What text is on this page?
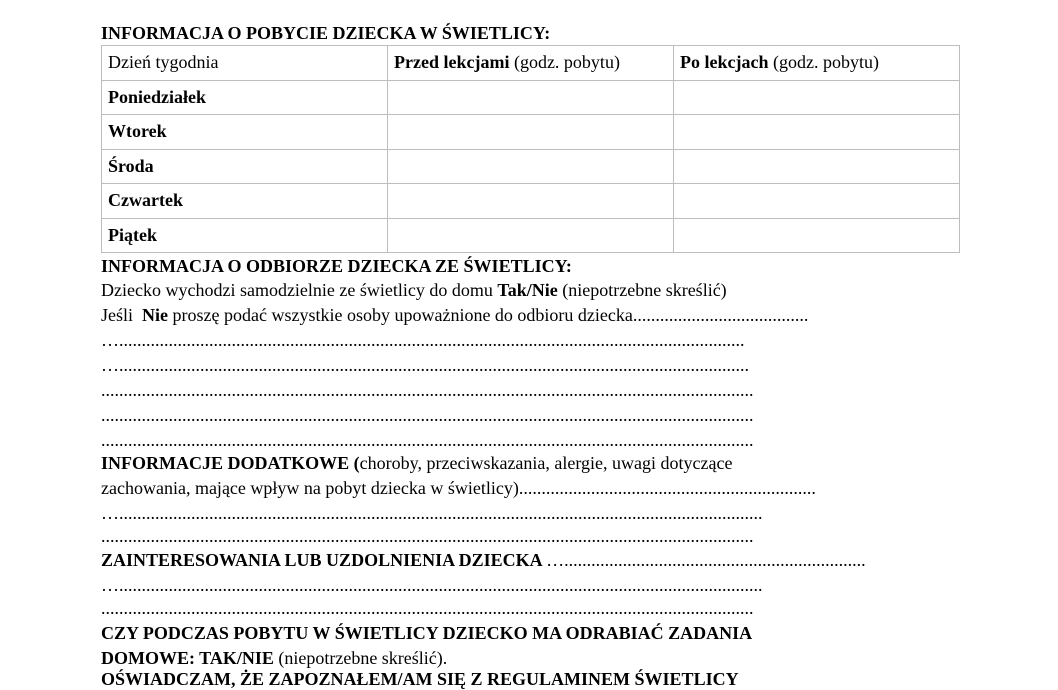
INFORMACJA O POBYCIE DZIECKA W ŚWIETLICY:
Dzień tygodnia	Przed lekcjami (godz. pobytu)	Po lekcjach (godz. pobytu)
Poniedziałek		
Wtorek		
Środa		
Czwartek		
Piątek		
INFORMACJA O ODBIORZE DZIECKA ZE ŚWIETLICY:
Dziecko wychodzi samodzielnie ze świetlicy do domu Tak/Nie (niepotrzebne skreślić)
Jeśli  Nie proszę podać wszystkie osoby upoważnione do odbioru dziecka.......................................
…...........................................................................................................................................
…............................................................................................................................................
.................................................................................................................................................
.................................................................................................................................................
.................................................................................................................................................
INFORMACJE DODATKOWE (choroby, przeciwskazania, alergie, uwagi dotyczące
zachowania, mające wpływ na pobyt dziecka w świetlicy)..................................................................
…...............................................................................................................................................
.................................................................................................................................................
ZAINTERESOWANIA LUB UZDOLNIENIA DZIECKA …...................................................................
…...............................................................................................................................................
.................................................................................................................................................
CZY PODCZAS POBYTU W ŚWIETLICY DZIECKO MA ODRABIAĆ ZADANIA
DOMOWE: TAK/NIE (niepotrzebne skreślić).
OŚWIADCZAM, ŻE ZAPOZNAŁEM/AM SIĘ Z REGULAMINEM ŚWIETLICY
